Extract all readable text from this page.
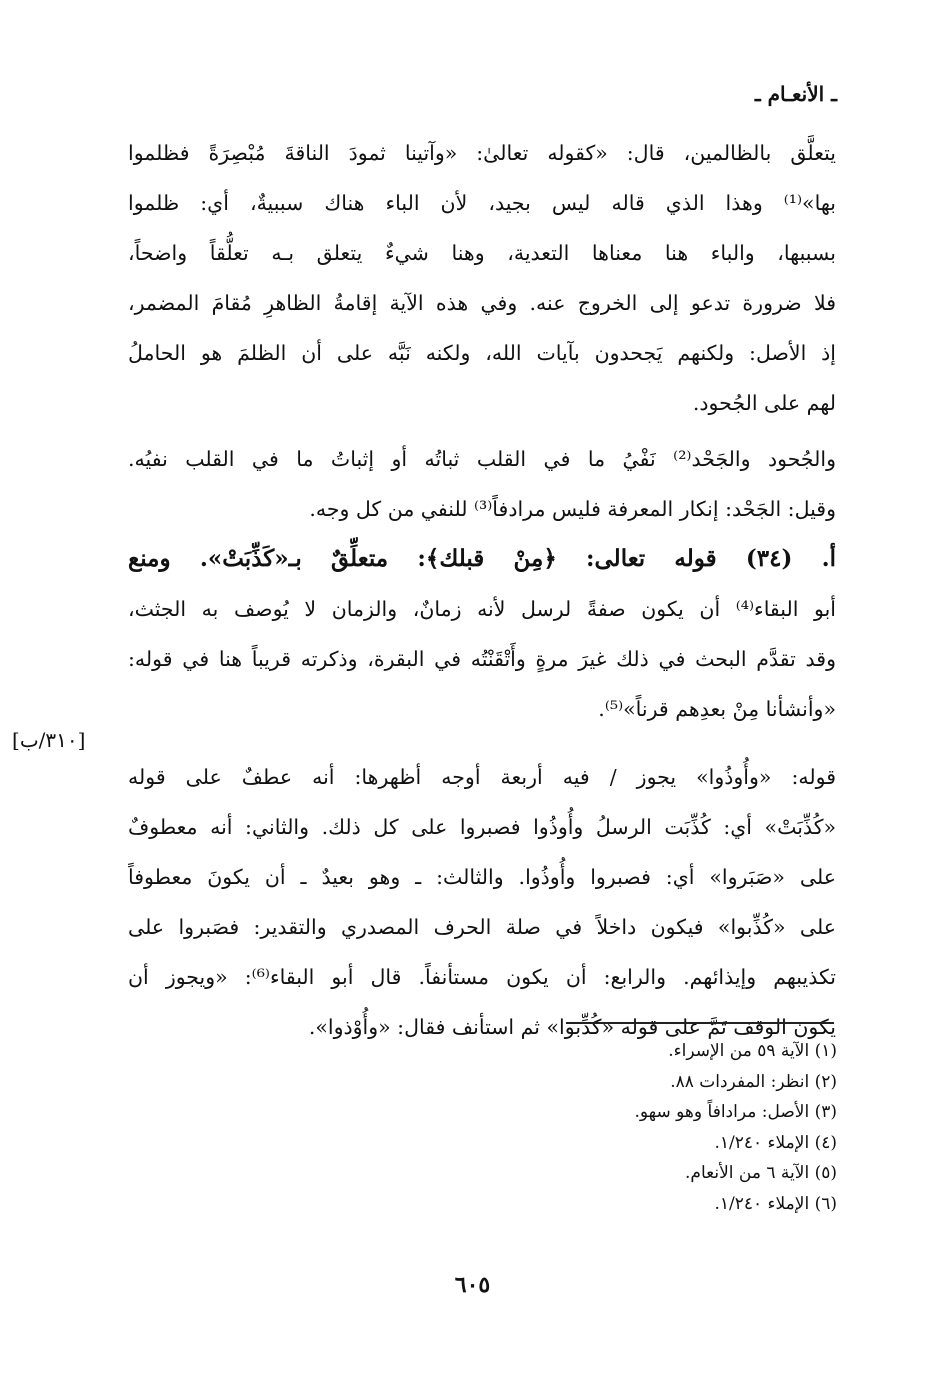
ـ الأنعـام ـ
يتعلَّق بالظالمين، قال: «كقوله تعالىٰ: «وآتينا ثمودَ الناقةَ مُبْصِرَةً فظلموا
بها»⁽¹⁾ وهذا الذي قاله ليس بجيد، لأن الباء هناك سببيةٌ، أي: ظلموا
بسببها، والباء هنا معناها التعدية، وهنا شيءٌ يتعلق بـه تعلُّقاً واضحاً،
فلا ضرورة تدعو إلى الخروج عنه. وفي هذه الآية إقامةُ الظاهرِ مُقامَ المضمر،
إذ الأصل: ولكنهم يَجحدون بآيات الله، ولكنه نَبَّه على أن الظلمَ هو الحاملُ
لهم على الجُحود.
والجُحود والجَحْد⁽²⁾ نَفْيُ ما في القلب ثباتُه أو إثباتُ ما في القلب نفيُه.
وقيل: الجَحْد: إنكار المعرفة فليس مرادفاً⁽³⁾ للنفي من كل وجه.
أ. (٣٤) قوله تعالى: ﴿مِنْ قبلك﴾: متعلِّقٌ بـ«كَذِّبَتْ». ومنع
أبو البقاء⁽⁴⁾ أن يكون صفةً لرسل لأنه زمانٌ، والزمان لا يُوصف به الجثث،
وقد تقدَّم البحث في ذلك غيرَ مرةٍ وأَتْقَنْتُه في البقرة، وذكرته قريباً هنا في قوله:
«وأنشأنا مِنْ بعدِهم قرناً»⁽⁵⁾.
قوله: «وأُوذُوا» يجوز / فيه أربعة أوجه أظهرها: أنه عطفٌ على قوله
«كُذِّبَتْ» أي: كُذِّبَت الرسلُ وأُوذُوا فصبروا على كل ذلك. والثاني: أنه معطوفٌ
على «صَبَروا» أي: فصبروا وأُوذُوا. والثالث: ـ وهو بعيدٌ ـ أن يكونَ معطوفاً
على «كُذِّبوا» فيكون داخلاً في صلة الحرف المصدري والتقدير: فصَبروا على
تكذيبهم وإيذائهم. والرابع: أن يكون مستأنفاً. قال أبو البقاء⁽⁶⁾: «ويجوز أن
يكون الوقف تَمَّ على قوله «كُذِّبوا» ثم استأنف فقال: «وأُوْذوا».
[٣١٠/ب]
(١) الآية ٥٩ من الإسراء.
(٢) انظر: المفردات ٨٨.
(٣) الأصل: مرادافاً وهو سهو.
(٤) الإملاء ١/٢٤٠.
(٥) الآية ٦ من الأنعام.
(٦) الإملاء ١/٢٤٠.
٦٠٥
